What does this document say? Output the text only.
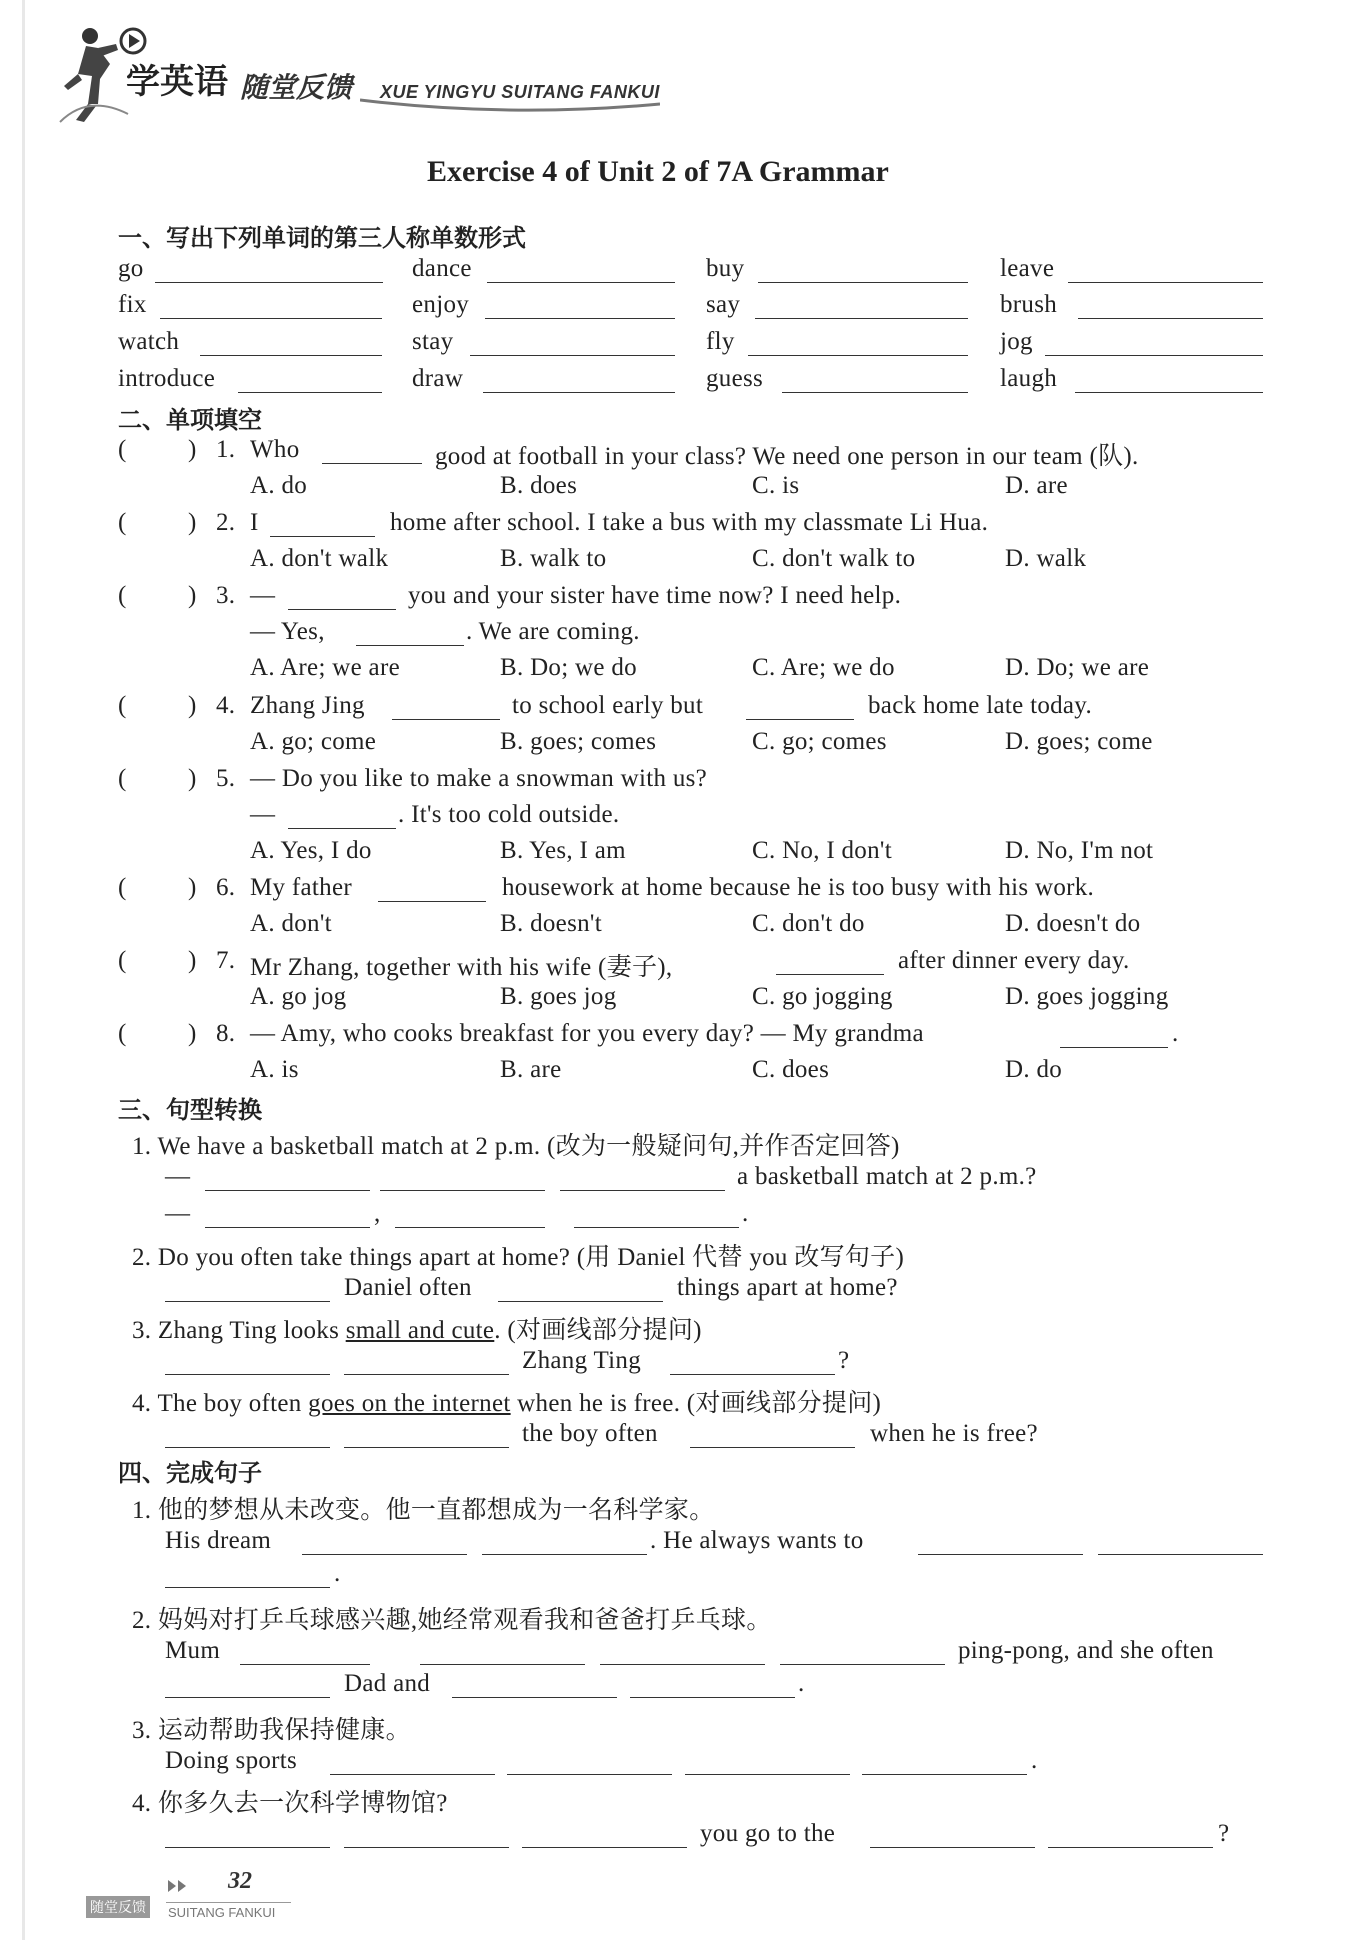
学英语 随堂反馈 XUE YINGYU SUITANG FANKUI
Exercise 4 of Unit 2 of 7A Grammar
一、写出下列单词的第三人称单数形式
go	dance	buy	leave
fix	enjoy	say	brush
watch	stay	fly	jog
introduce	draw	guess	laugh
二、单项填空
( ) 1. Who	good at football in your class? We need one person in our team (队).
A. do	B. does	C. is	D. are
( ) 2. I	home after school. I take a bus with my classmate Li Hua.
A. don't walk	B. walk to	C. don't walk to	D. walk
( ) 3. —	you and your sister have time now? I need help.
— Yes,	. We are coming.
A. Are; we are	B. Do; we do	C. Are; we do	D. Do; we are
( ) 4. Zhang Jing	to school early but	back home late today.
A. go; come	B. goes; comes	C. go; comes	D. goes; come
( ) 5. — Do you like to make a snowman with us?
—	. It's too cold outside.
A. Yes, I do	B. Yes, I am	C. No, I don't	D. No, I'm not
( ) 6. My father	housework at home because he is too busy with his work.
A. don't	B. doesn't	C. don't do	D. doesn't do
( ) 7. Mr Zhang, together with his wife (妻子),	after dinner every day.
A. go jog	B. goes jog	C. go jogging	D. goes jogging
( ) 8. — Amy, who cooks breakfast for you every day? — My grandma	.
A. is	B. are	C. does	D. do
三、句型转换
1. We have a basketball match at 2 p.m. (改为一般疑问句,并作否定回答)
—	a basketball match at 2 p.m.?
—	,	.
2. Do you often take things apart at home? (用 Daniel 代替 you 改写句子)
Daniel often	things apart at home?
3. Zhang Ting looks small and cute. (对画线部分提问)
Zhang Ting	?
4. The boy often goes on the internet when he is free. (对画线部分提问)
the boy often	when he is free?
四、完成句子
1. 他的梦想从未改变。他一直都想成为一名科学家。
His dream	. He always wants to
.
2. 妈妈对打乒乓球感兴趣,她经常观看我和爸爸打乒乓球。
Mum	ping-pong, and she often
Dad and	.
3. 运动帮助我保持健康。
Doing sports	.
4. 你多久去一次科学博物馆?
you go to the	?
32
随堂反馈	SUITANG FANKUI
